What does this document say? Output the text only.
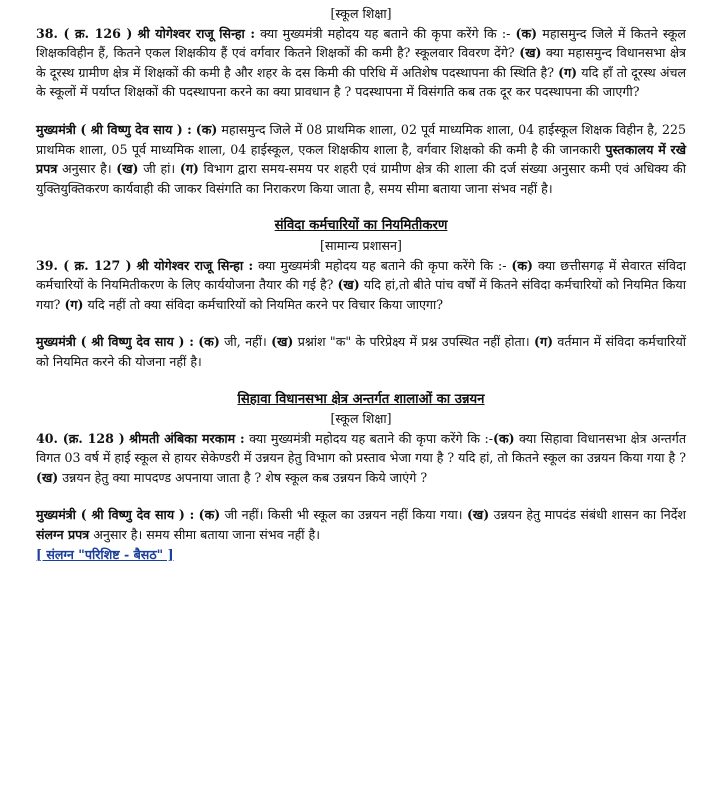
[स्कूल शिक्षा]

38. ( क्र. 126 ) श्री योगेश्वर राजू सिन्हा : क्या मुख्यमंत्री महोदय यह बताने की कृपा करेंगे कि :- (क) महासमुन्द जिले में कितने स्कूल शिक्षकविहीन हैं, कितने एकल शिक्षकीय हैं एवं वर्गवार कितने शिक्षकों की कमी है? स्कूलवार विवरण देंगे? (ख) क्या महासमुन्द विधानसभा क्षेत्र के दूरस्थ ग्रामीण क्षेत्र में शिक्षकों की कमी है और शहर के दस किमी की परिधि में अतिशेष पदस्थापना की स्थिति है? (ग) यदि हाँ तो दूरस्थ अंचल के स्कूलों में पर्याप्त शिक्षकों की पदस्थापना करने का क्या प्रावधान है ? पदस्थापना में विसंगति कब तक दूर कर पदस्थापना की जाएगी?

मुख्यमंत्री ( श्री विष्णु देव साय ) : (क) महासमुन्द जिले में 08 प्राथमिक शाला, 02 पूर्व माध्यमिक शाला, 04 हाईस्कूल शिक्षक विहीन है, 225 प्राथमिक शाला, 05 पूर्व माध्यमिक शाला, 04 हाईस्कूल, एकल शिक्षकीय शाला है, वर्गवार शिक्षको की कमी है की जानकारी पुस्तकालय में रखे प्रपत्र अनुसार है। (ख) जी हां। (ग) विभाग द्वारा समय-समय पर शहरी एवं ग्रामीण क्षेत्र की शाला की दर्ज संख्या अनुसार कमी एवं अधिक्य की युक्तियुक्तिकरण कार्यवाही की जाकर विसंगति का निराकरण किया जाता है, समय सीमा बताया जाना संभव नहीं है।

संविदा कर्मचारियों का नियमितीकरण

[सामान्य प्रशासन]

39. ( क्र. 127 ) श्री योगेश्वर राजू सिन्हा : क्या मुख्यमंत्री महोदय यह बताने की कृपा करेंगे कि :- (क) क्या छत्तीसगढ़ में सेवारत संविदा कर्मचारियों के नियमितीकरण के लिए कार्ययोजना तैयार की गई है? (ख) यदि हां,तो बीते पांच वर्षों में कितने संविदा कर्मचारियों को नियमित किया गया? (ग) यदि नहीं तो क्या संविदा कर्मचारियों को नियमित करने पर विचार किया जाएगा?

मुख्यमंत्री ( श्री विष्णु देव साय ) : (क) जी, नहीं। (ख) प्रश्नांश "क" के परिप्रेक्ष्य में प्रश्न उपस्थित नहीं होता। (ग) वर्तमान में संविदा कर्मचारियों को नियमित करने की योजना नहीं है।

सिहावा विधानसभा क्षेत्र अन्तर्गत शालाओं का उन्नयन

[स्कूल शिक्षा]

40. (क्र. 128 ) श्रीमती अंबिका मरकाम : क्या मुख्यमंत्री महोदय यह बताने की कृपा करेंगे कि :-(क) क्या सिहावा विधानसभा क्षेत्र अन्तर्गत विगत 03 वर्ष में हाई स्कूल से हायर सेकेण्डरी में उन्नयन हेतु विभाग को प्रस्ताव भेजा गया है ? यदि हां, तो कितने स्कूल का उन्नयन किया गया है ? (ख) उन्नयन हेतु क्या मापदण्ड अपनाया जाता है ? शेष स्कूल कब उन्नयन किये जाएंगे ?

मुख्यमंत्री ( श्री विष्णु देव साय ) : (क) जी नहीं। किसी भी स्कूल का उन्नयन नहीं किया गया। (ख) उन्नयन हेतु मापदंड संबंधी शासन का निर्देश संलग्न प्रपत्र अनुसार है। समय सीमा बताया जाना संभव नहीं है।

[ संलग्न "परिशिष्ट - बैसठ" ]
